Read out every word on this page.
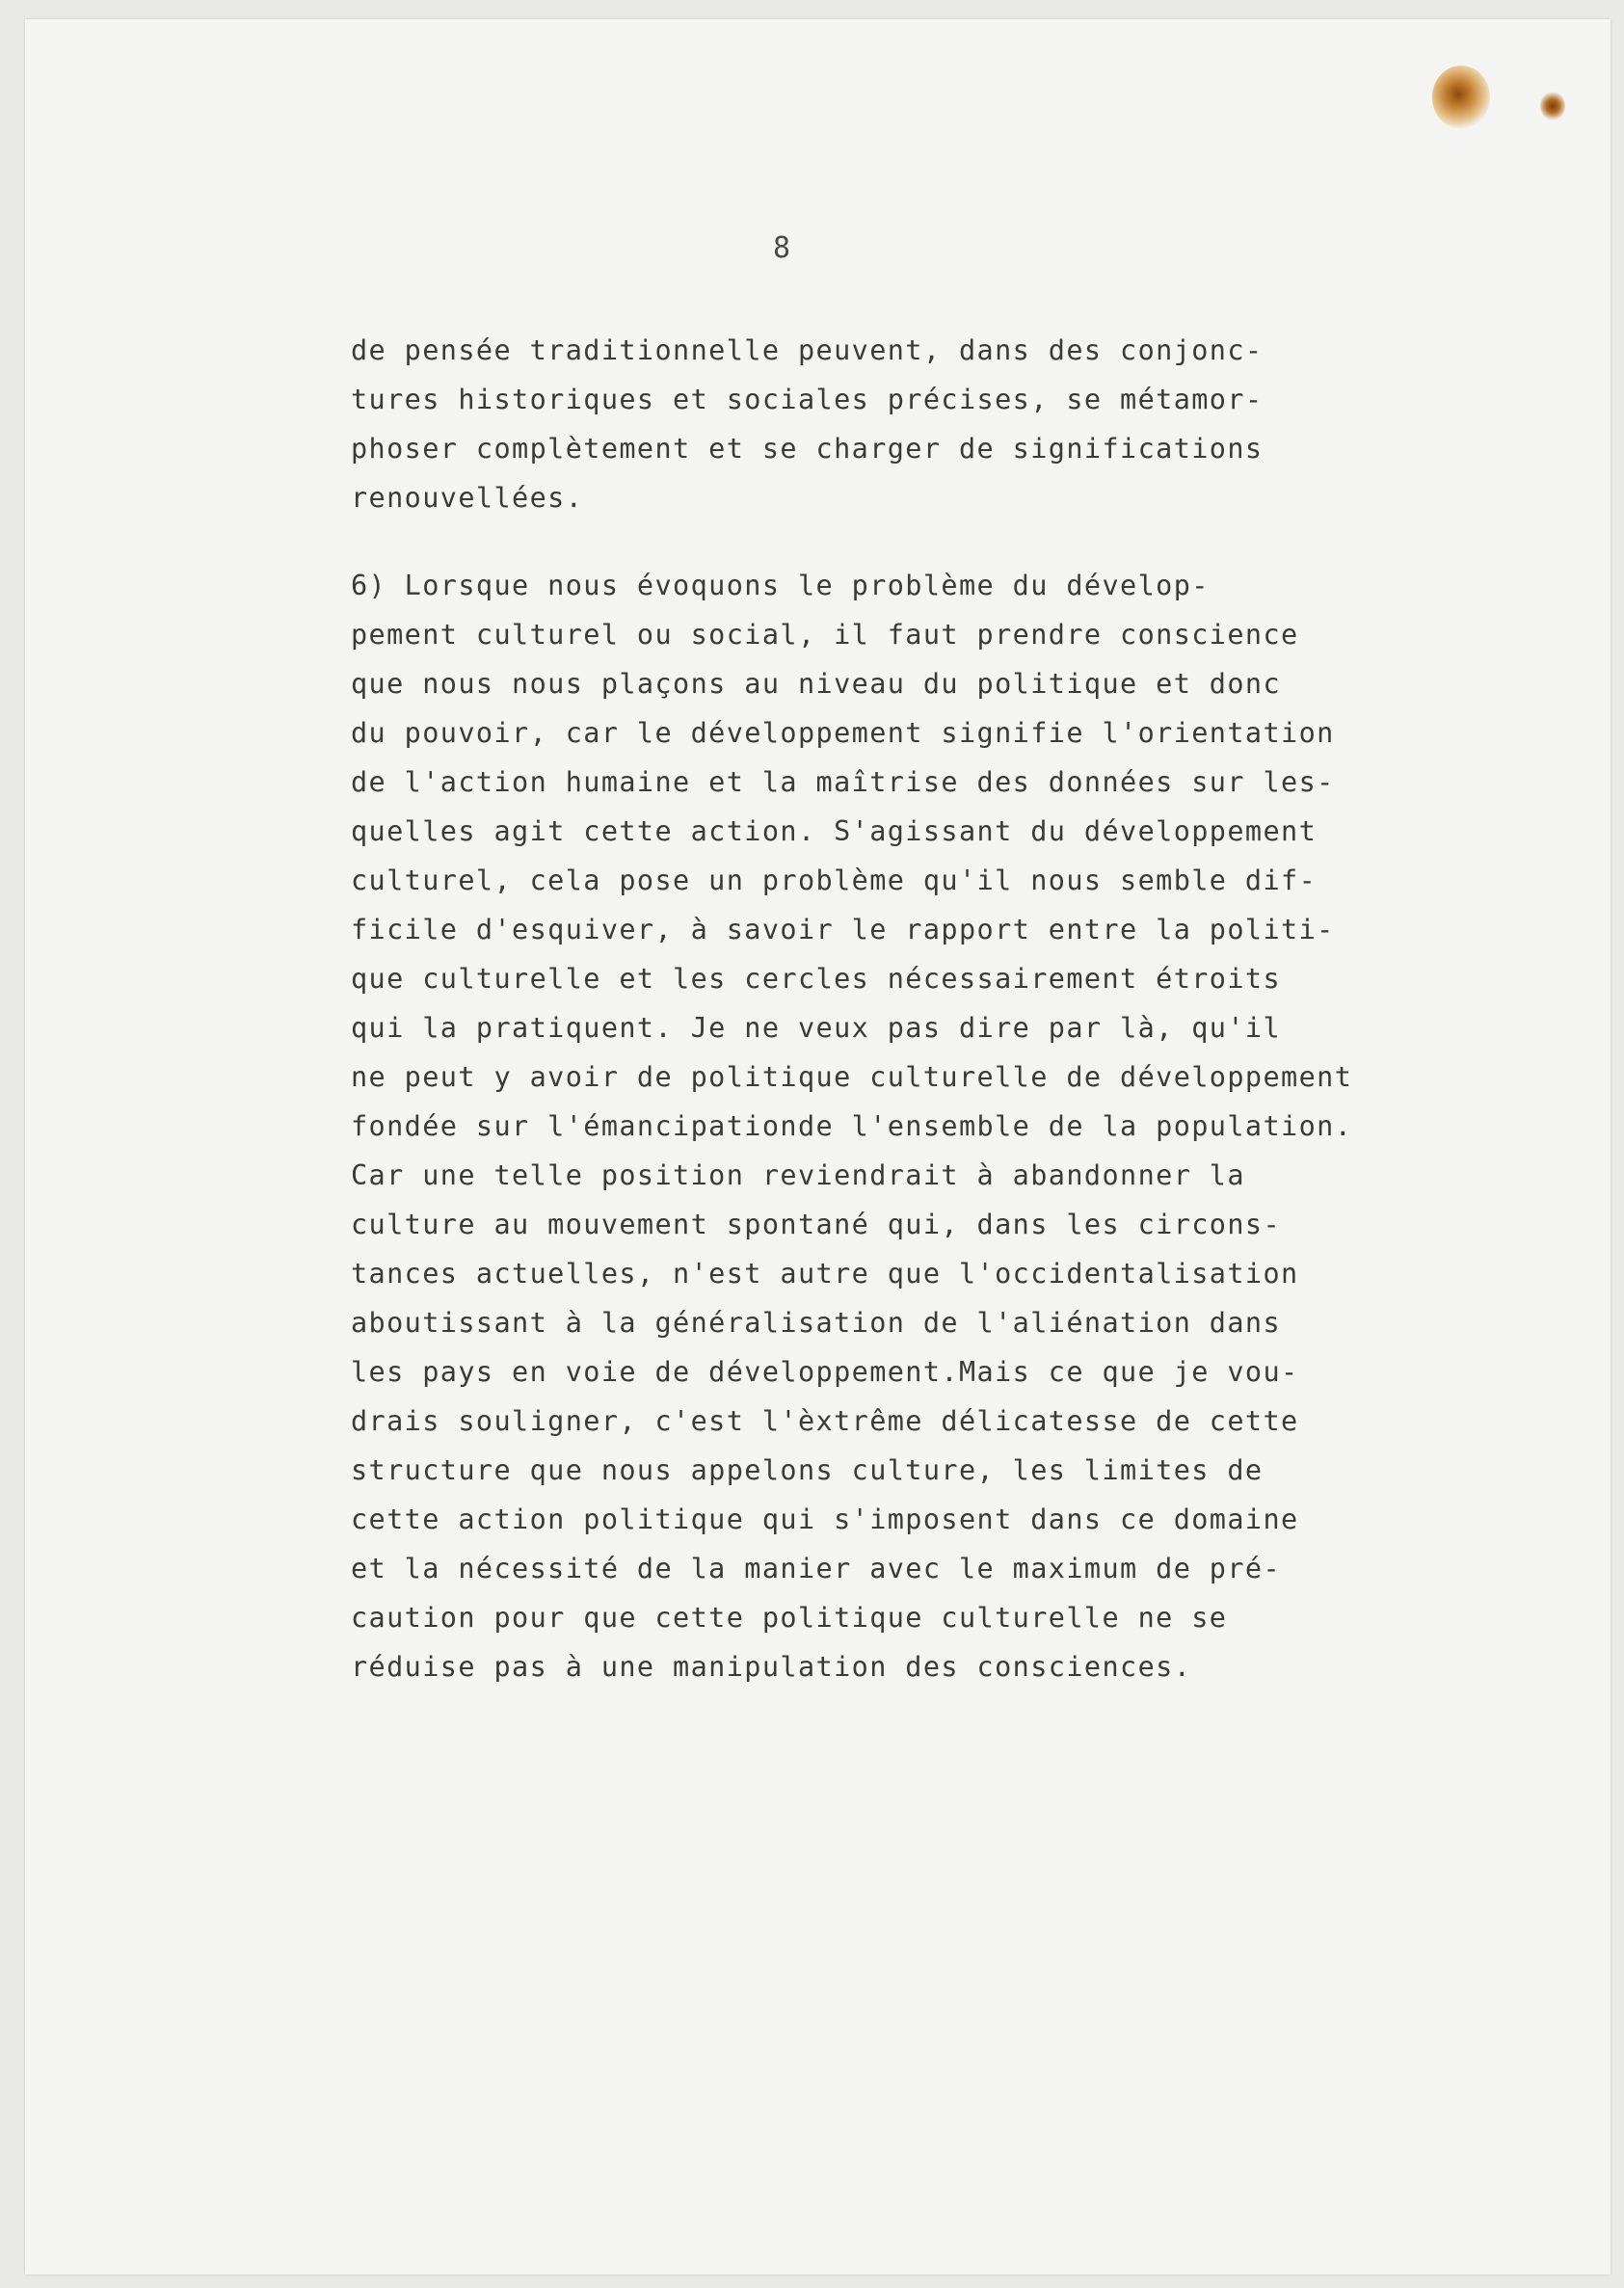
8
de pensée traditionnelle peuvent, dans des conjonc-
tures historiques et sociales précises, se métamor-
phoser complètement et se charger de significations
renouvellées.
6) Lorsque nous évoquons le problème du dévelop-
pement culturel ou social, il faut prendre conscience
que nous nous plaçons au niveau du politique et donc
du pouvoir, car le développement signifie l'orientation
de l'action humaine et la maîtrise des données sur les-
quelles agit cette action. S'agissant du développement
culturel, cela pose un problème qu'il nous semble dif-
ficile d'esquiver, à savoir le rapport entre la politi-
que culturelle et les cercles nécessairement étroits
qui la pratiquent. Je ne veux pas dire par là, qu'il
ne peut y avoir de politique culturelle de développement
fondée sur l'émancipationde l'ensemble de la population.
Car une telle position reviendrait à abandonner la
culture au mouvement spontané qui, dans les circons-
tances actuelles, n'est autre que l'occidentalisation
aboutissant à la généralisation de l'aliénation dans
les pays en voie de développement.Mais ce que je vou-
drais souligner, c'est l'èxtrême délicatesse de cette
structure que nous appelons culture, les limites de
cette action politique qui s'imposent dans ce domaine
et la nécessité de la manier avec le maximum de pré-
caution pour que cette politique culturelle ne se
réduise pas à une manipulation des consciences.
